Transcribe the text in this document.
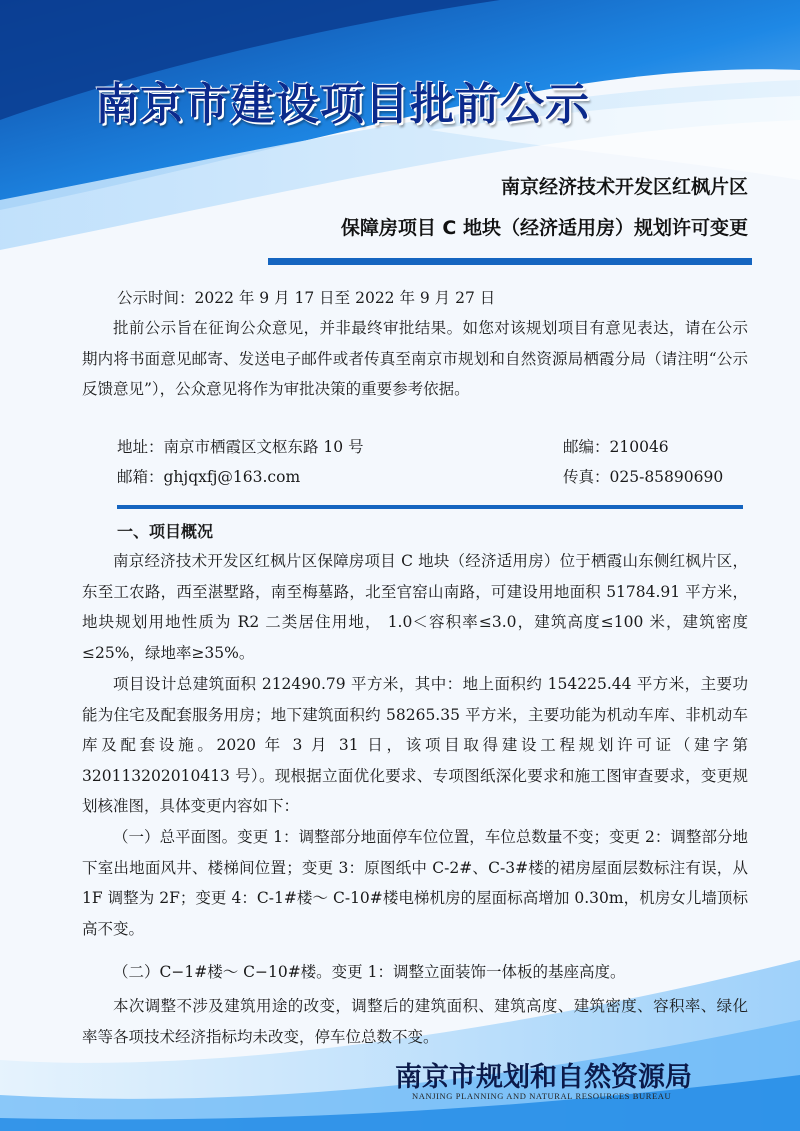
南京市建设项目批前公示
南京经济技术开发区红枫片区
保障房项目 C 地块（经济适用房）规划许可变更
公示时间：2022 年 9 月 17 日至 2022 年 9 月 27 日
批前公示旨在征询公众意见，并非最终审批结果。如您对该规划项目有意见表达，请在公示期内将书面意见邮寄、发送电子邮件或者传真至南京市规划和自然资源局栖霞分局（请注明“公示反馈意见”），公众意见将作为审批决策的重要参考依据。
地址：南京市栖霞区文枢东路 10 号	邮编：210046
邮箱：ghjqxfj@163.com	传真：025-85890690
一、项目概况
南京经济技术开发区红枫片区保障房项目 C 地块（经济适用房）位于栖霞山东侧红枫片区，东至工农路，西至湛墅路，南至梅墓路，北至官窑山南路，可建设用地面积 51784.91 平方米，地块规划用地性质为 R2 二类居住用地， 1.0＜容积率≤3.0，建筑高度≤100 米，建筑密度≤25%，绿地率≥35%。
项目设计总建筑面积 212490.79 平方米，其中：地上面积约 154225.44 平方米，主要功能为住宅及配套服务用房；地下建筑面积约 58265.35 平方米，主要功能为机动车库、非机动车库及配套设施。2020 年 3 月 31 日，该项目取得建设工程规划许可证（建字第 320113202010413 号）。现根据立面优化要求、专项图纸深化要求和施工图审查要求，变更规划核准图，具体变更内容如下：
（一）总平面图。变更 1：调整部分地面停车位位置，车位总数量不变；变更 2：调整部分地下室出地面风井、楼梯间位置；变更 3：原图纸中 C-2#、C-3#楼的裙房屋面层数标注有误，从 1F 调整为 2F；变更 4：C-1#楼～ C-10#楼电梯机房的屋面标高增加 0.30m，机房女儿墙顶标高不变。
（二）C−1#楼～ C−10#楼。变更 1：调整立面装饰一体板的基座高度。
本次调整不涉及建筑用途的改变，调整后的建筑面积、建筑高度、建筑密度、容积率、绿化率等各项技术经济指标均未改变，停车位总数不变。
南京市规划和自然资源局
NANJING PLANNING AND NATURAL RESOURCES BUREAU
